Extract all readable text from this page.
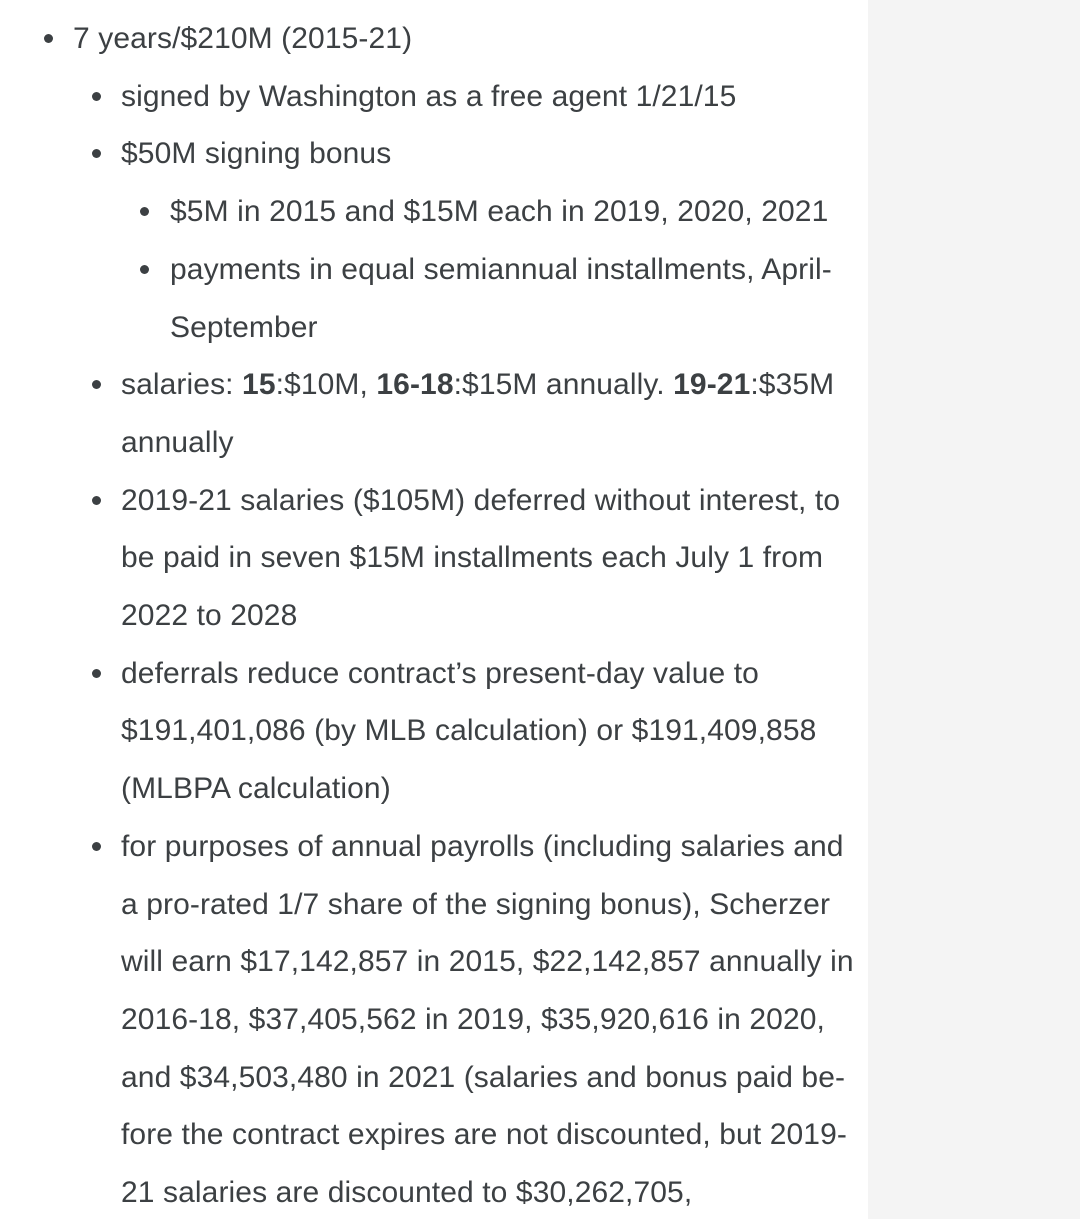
7 years/$210M (2015-21)
signed by Washington as a free agent 1/21/15
$50M signing bonus
$5M in 2015 and $15M each in 2019, 2020, 2021
payments in equal semiannual installments, April-
September
salaries: 15:$10M, 16-18:$15M annually. 19-21:$35M
annually
2019-21 salaries ($105M) deferred without interest, to
be paid in seven $15M installments each July 1 from
2022 to 2028
deferrals reduce contract’s present-day value to
$191,401,086 (by MLB calculation) or $191,409,858
(MLBPA calculation)
for purposes of annual payrolls (including salaries and
a pro-rated 1/7 share of the signing bonus), Scherzer
will earn $17,142,857 in 2015, $22,142,857 annually in
2016-18, $37,405,562 in 2019, $35,920,616 in 2020,
and $34,503,480 in 2021 (salaries and bonus paid be-
fore the contract expires are not discounted, but 2019-
21 salaries are discounted to $30,262,705,
